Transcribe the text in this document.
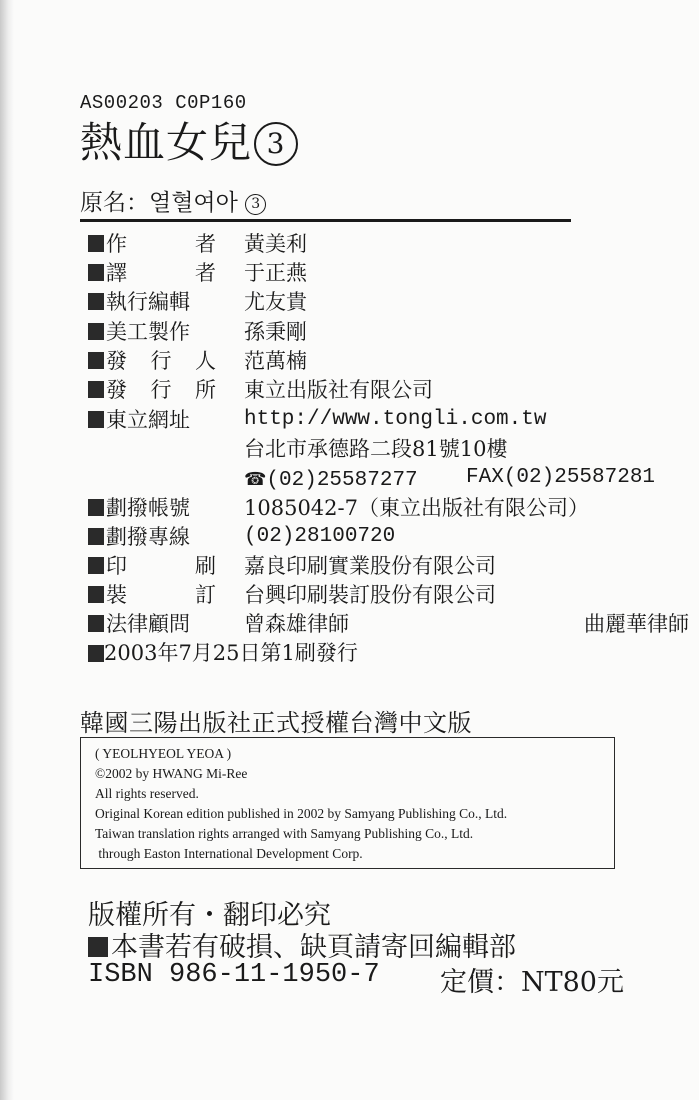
AS00203 C0P160
熱血女兒 3
原名：열혈여아 3
作	者 黃美利
譯	者 于正燕
執 行 編 輯	尤友貴
美 工 製 作	孫秉剛
發 行 人 范萬楠
發 行 所 東立出版社有限公司
東 立 網 址	http://www.tongli.com.tw
台北市承德路二段81號10樓
☎(02)25587277 FAX(02)25587281
劃 撥 帳 號	1085042-7（東立出版社有限公司）
劃 撥 專 線	(02)28100720
印	刷 嘉良印刷實業股份有限公司
裝	訂 台興印刷裝訂股份有限公司
法 律 顧 問	曾森雄律師	曲麗華律師
2003年7月25日第1刷發行
韓國三陽出版社正式授權台灣中文版
( YEOLHYEOL YEOA )
©2002 by HWANG Mi-Ree
All rights reserved.
Original Korean edition published in 2002 by Samyang Publishing Co., Ltd.
Taiwan translation rights arranged with Samyang Publishing Co., Ltd.
through Easton International Development Corp.
版權所有・翻印必究
本書若有破損、缺頁請寄回編輯部
ISBN 986-11-1950-7 定價：NT80元
